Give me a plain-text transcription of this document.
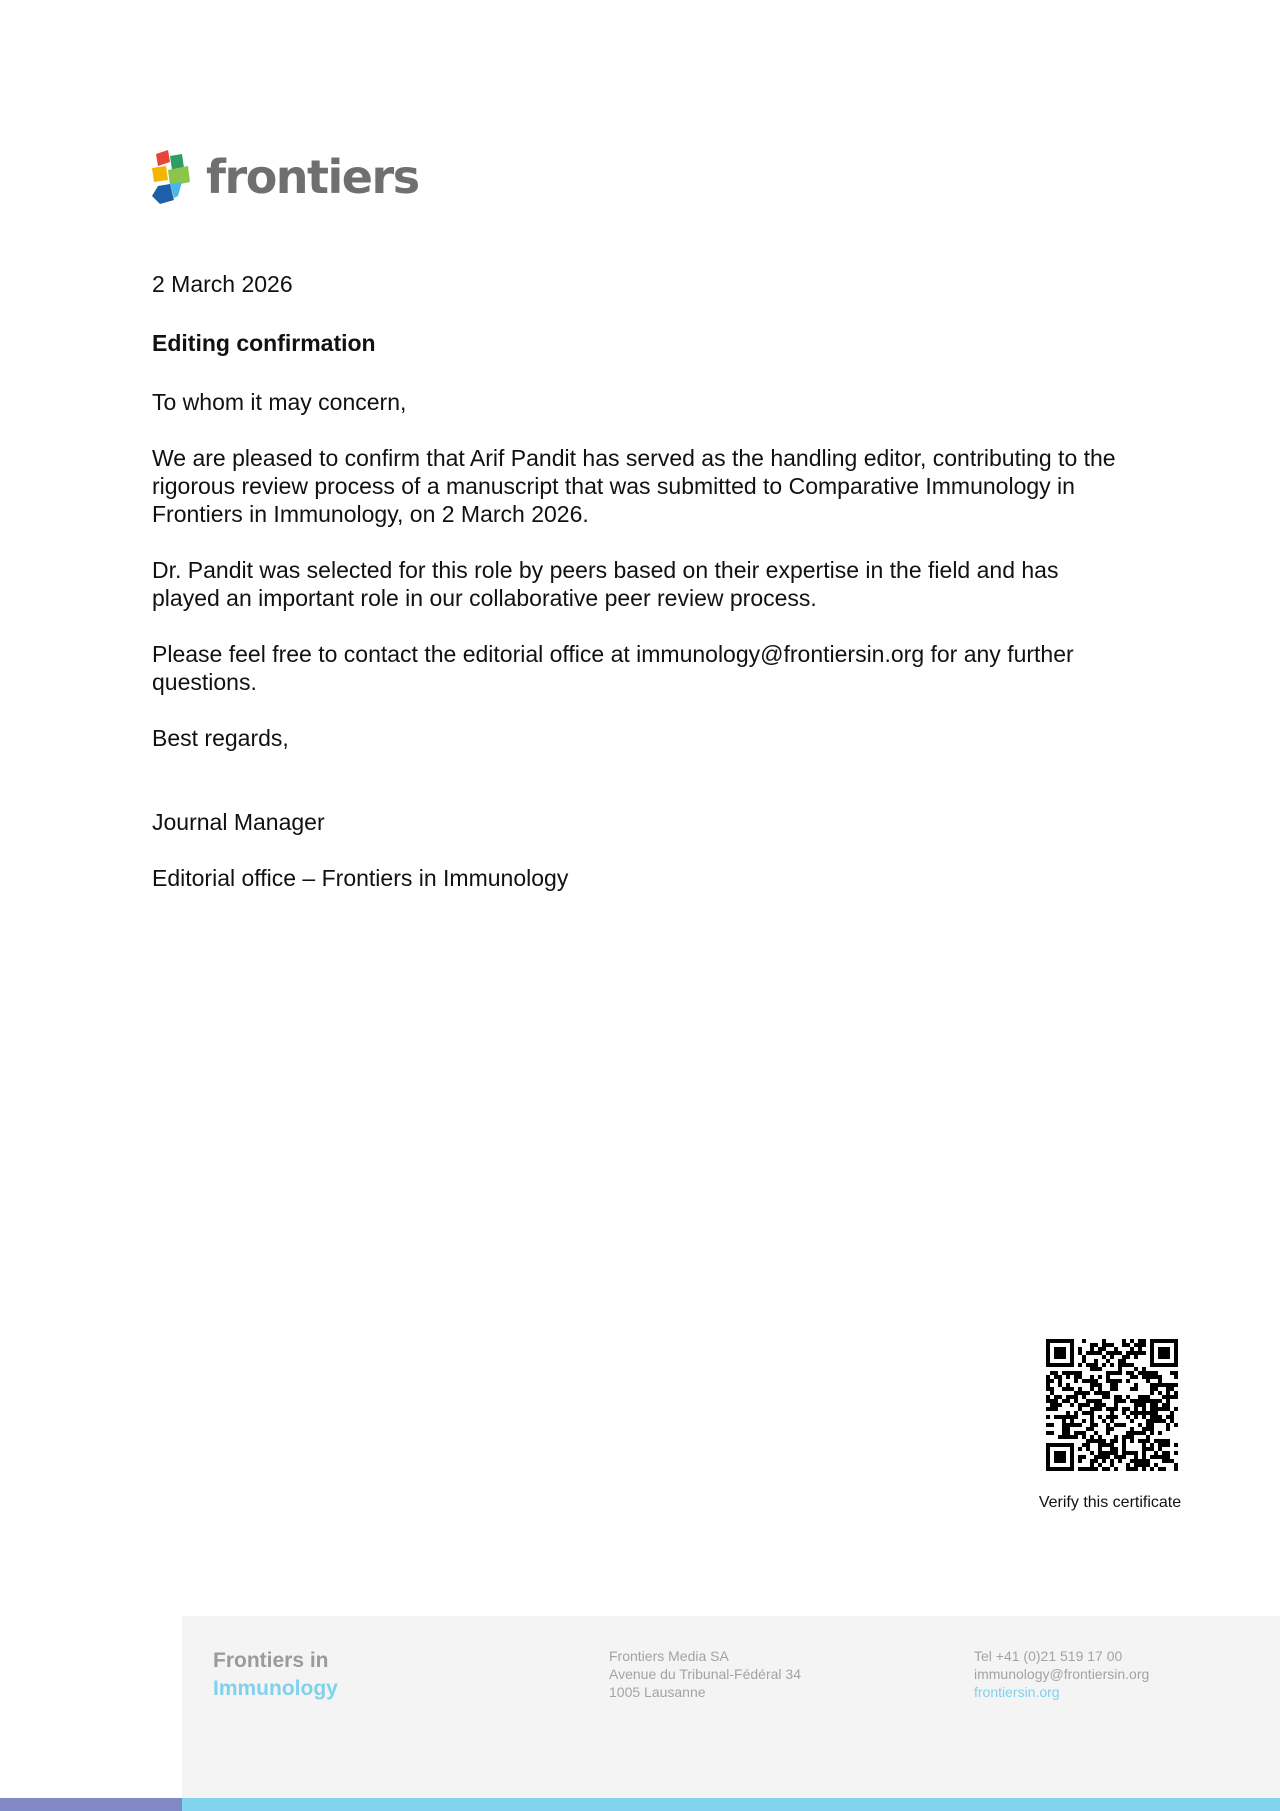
frontiers

2 March 2026

Editing confirmation

To whom it may concern,

We are pleased to confirm that Arif Pandit has served as the handling editor, contributing to the rigorous review process of a manuscript that was submitted to Comparative Immunology in Frontiers in Immunology, on 2 March 2026.

Dr. Pandit was selected for this role by peers based on their expertise in the field and has played an important role in our collaborative peer review process.

Please feel free to contact the editorial office at immunology@frontiersin.org for any further questions.

Best regards,

Journal Manager

Editorial office – Frontiers in Immunology

Verify this certificate
Frontiers in
Immunology
Frontiers Media SA
Avenue du Tribunal-Fédéral 34
1005 Lausanne
Tel +41 (0)21 519 17 00
immunology@frontiersin.org
frontiersin.org
